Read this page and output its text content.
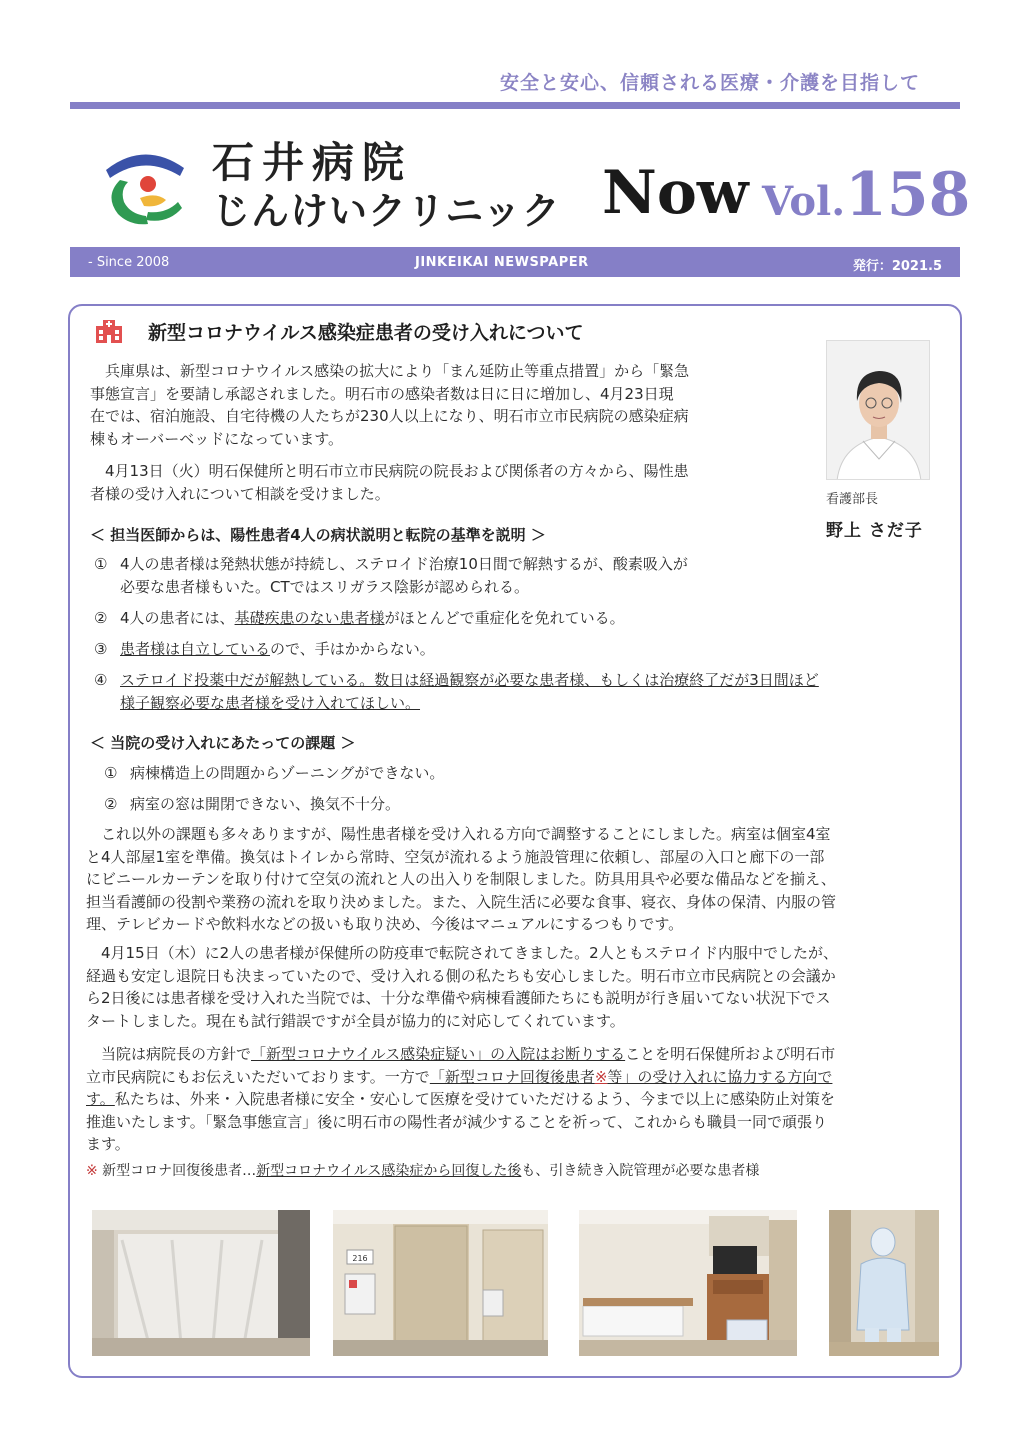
安全と安心、信頼される医療・介護を目指して
石井病院
じんけいクリニック Now Vol.158
- Since 2008	JINKEIKAI NEWSPAPER	発行：2021.5
新型コロナウイルス感染症患者の受け入れについて
看護部長
野上 さだ子
兵庫県は、新型コロナウイルス感染の拡大により「まん延防止等重点措置」から「緊急
事態宣言」を要請し承認されました。明石市の感染者数は日に日に増加し、4月23日現
在では、宿泊施設、自宅待機の人たちが230人以上になり、明石市立市民病院の感染症病
棟もオーバーベッドになっています。
4月13日（火）明石保健所と明石市立市民病院の院長および関係者の方々から、陽性患
者様の受け入れについて相談を受けました。
＜ 担当医師からは、陽性患者4人の病状説明と転院の基準を説明 ＞
① 4人の患者様は発熱状態が持続し、ステロイド治療10日間で解熱するが、酸素吸入が
必要な患者様もいた。CTではスリガラス陰影が認められる。
② 4人の患者には、基礎疾患のない患者様がほとんどで重症化を免れている。
③ 患者様は自立しているので、手はかからない。
④ ステロイド投薬中だが解熱している。数日は経過観察が必要な患者様、もしくは治療終了だが3日間ほど
様子観察必要な患者様を受け入れてほしい。
＜ 当院の受け入れにあたっての課題 ＞
① 病棟構造上の問題からゾーニングができない。
② 病室の窓は開閉できない、換気不十分。
これ以外の課題も多々ありますが、陽性患者様を受け入れる方向で調整することにしました。病室は個室4室
と4人部屋1室を準備。換気はトイレから常時、空気が流れるよう施設管理に依頼し、部屋の入口と廊下の一部
にビニールカーテンを取り付けて空気の流れと人の出入りを制限しました。防具用具や必要な備品などを揃え、
担当看護師の役割や業務の流れを取り決めました。また、入院生活に必要な食事、寝衣、身体の保清、内服の管
理、テレビカードや飲料水などの扱いも取り決め、今後はマニュアルにするつもりです。
4月15日（木）に2人の患者様が保健所の防疫車で転院されてきました。2人ともステロイド内服中でしたが、
経過も安定し退院日も決まっていたので、受け入れる側の私たちも安心しました。明石市立市民病院との会議か
ら2日後には患者様を受け入れた当院では、十分な準備や病棟看護師たちにも説明が行き届いてない状況下でス
タートしました。現在も試行錯誤ですが全員が協力的に対応してくれています。
当院は病院長の方針で「新型コロナウイルス感染症疑い」の入院はお断りすることを明石保健所および明石市
立市民病院にもお伝えいただいております。一方で「新型コロナ回復後患者※等」の受け入れに協力する方向で
す。私たちは、外来・入院患者様に安全・安心して医療を受けていただけるよう、今まで以上に感染防止対策を
推進いたします。「緊急事態宣言」後に明石市の陽性者が減少することを祈って、これからも職員一同で頑張り
ます。
※ 新型コロナ回復後患者…新型コロナウイルス感染症から回復した後も、引き続き入院管理が必要な患者様
216
